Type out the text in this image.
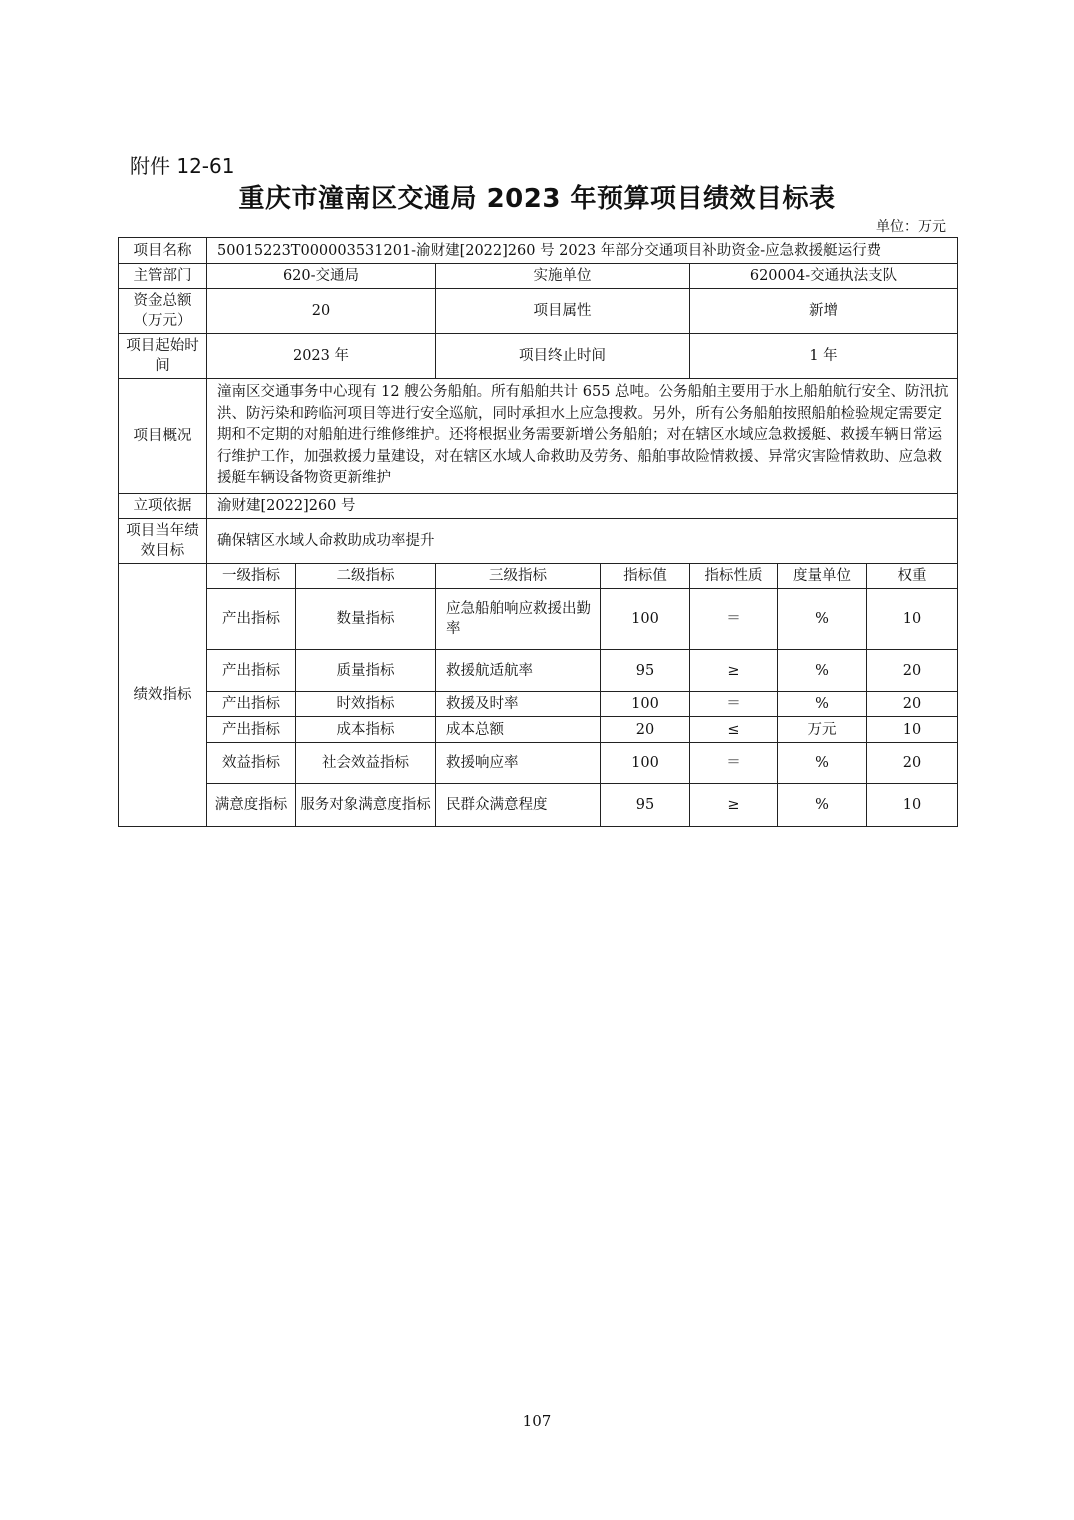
附件 12-61
重庆市潼南区交通局 2023 年预算项目绩效目标表
单位：万元
项目名称	50015223T000003531201-渝财建[2022]260 号 2023 年部分交通项目补助资金-应急救援艇运行费						
主管部门	620-交通局		实施单位		620004-交通执法支队		
资金总额（万元）	20		项目属性		新增		
项目起始时间	2023 年		项目终止时间		1 年		
项目概况	潼南区交通事务中心现有 12 艘公务船舶。所有船舶共计 655 总吨。公务船舶主要用于水上船舶航行安全、防汛抗洪、防污染和跨临河项目等进行安全巡航，同时承担水上应急搜救。另外，所有公务船舶按照船舶检验规定需要定期和不定期的对船舶进行维修维护。还将根据业务需要新增公务船舶；对在辖区水域应急救援艇、救援车辆日常运行维护工作，加强救援力量建设，对在辖区水域人命救助及劳务、船舶事故险情救援、异常灾害险情救助、应急救援艇车辆设备物资更新维护						
立项依据	渝财建[2022]260 号						
项目当年绩效目标	确保辖区水域人命救助成功率提升						
绩效指标	一级指标	二级指标	三级指标	指标值	指标性质	度量单位	权重
	产出指标	数量指标	应急船舶响应救援出勤率	100	＝	%	10
	产出指标	质量指标	救援航适航率	95	≥	%	20
	产出指标	时效指标	救援及时率	100	＝	%	20
	产出指标	成本指标	成本总额	20	≤	万元	10
	效益指标	社会效益指标	救援响应率	100	＝	%	20
	满意度指标	服务对象满意度指标	民群众满意程度	95	≥	%	10
107
